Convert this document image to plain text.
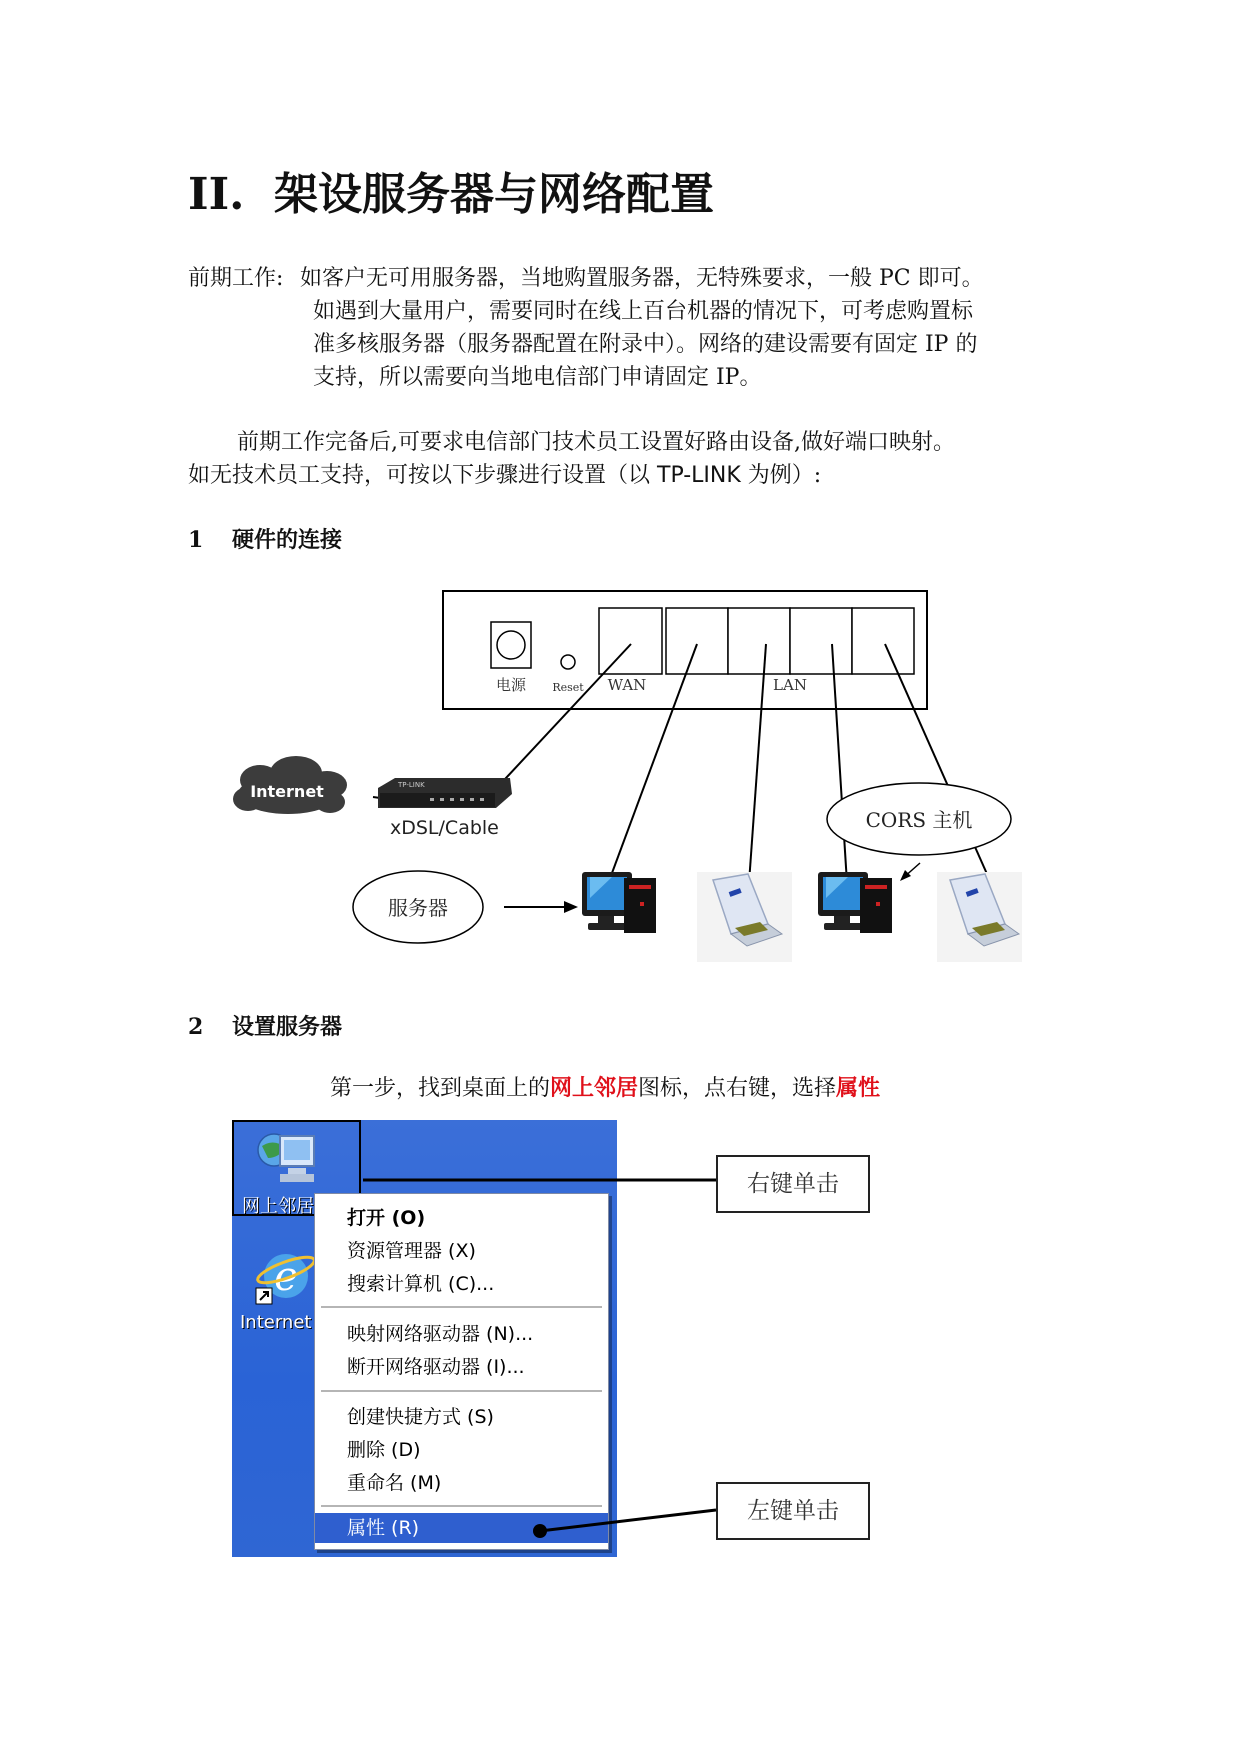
II. 架设服务器与网络配置
前期工作: 如客户无可用服务器，当地购置服务器，无特殊要求，一般 PC 即可。
如遇到大量用户，需要同时在线上百台机器的情况下，可考虑购置标
准多核服务器（服务器配置在附录中）。网络的建设需要有固定 IP 的
支持，所以需要向当地电信部门申请固定 IP。
前期工作完备后,可要求电信部门技术员工设置好路由设备,做好端口映射。
如无技术员工支持，可按以下步骤进行设置（以 TP-LINK 为例）:
1 硬件的连接
电源 Reset WAN	LAN
Internet	TP-LINK
xDSL/Cable	CORS 主机
服务器
2 设置服务器
第一步，找到桌面上的网上邻居图标，点右键，选择属性
网上邻居
e
Internet
打开 (O)
资源管理器 (X)
搜索计算机 (C)...
映射网络驱动器 (N)...
断开网络驱动器 (I)...
创建快捷方式 (S)
删除 (D)
重命名 (M)
属性 (R)
右键单击
左键单击
